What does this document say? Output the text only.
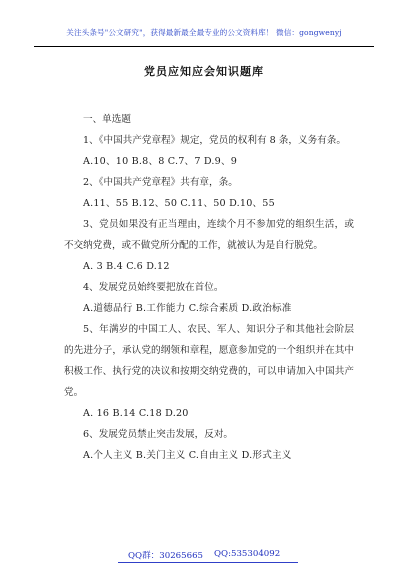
关注头条号"公文研究"，获得最新最全最专业的公文资料库！ 微信：gongwenyj
党员应知应会知识题库

一、单选题

1、《中国共产党章程》规定，党员的权利有 8 条，义务有条。

A.10、10 B.8、8 C.7、7 D.9、9

2、《中国共产党章程》共有章，条。

A.11、55 B.12、50 C.11、50 D.10、55

3、党员如果没有正当理由，连续个月不参加党的组织生活，或不交纳党费，或不做党所分配的工作，就被认为是自行脱党。

A. 3 B.4 C.6 D.12

4、发展党员始终要把放在首位。

A.道德品行 B.工作能力 C.综合素质 D.政治标准

5、年满岁的中国工人、农民、军人、知识分子和其他社会阶层的先进分子，承认党的纲领和章程，愿意参加党的一个组织并在其中积极工作、执行党的决议和按期交纳党费的，可以申请加入中国共产党。

A. 16 B.14 C.18 D.20

6、发展党员禁止突击发展，反对。

A.个人主义 B.关门主义 C.自由主义 D.形式主义

QQ群：30265665 QQ:535304092
